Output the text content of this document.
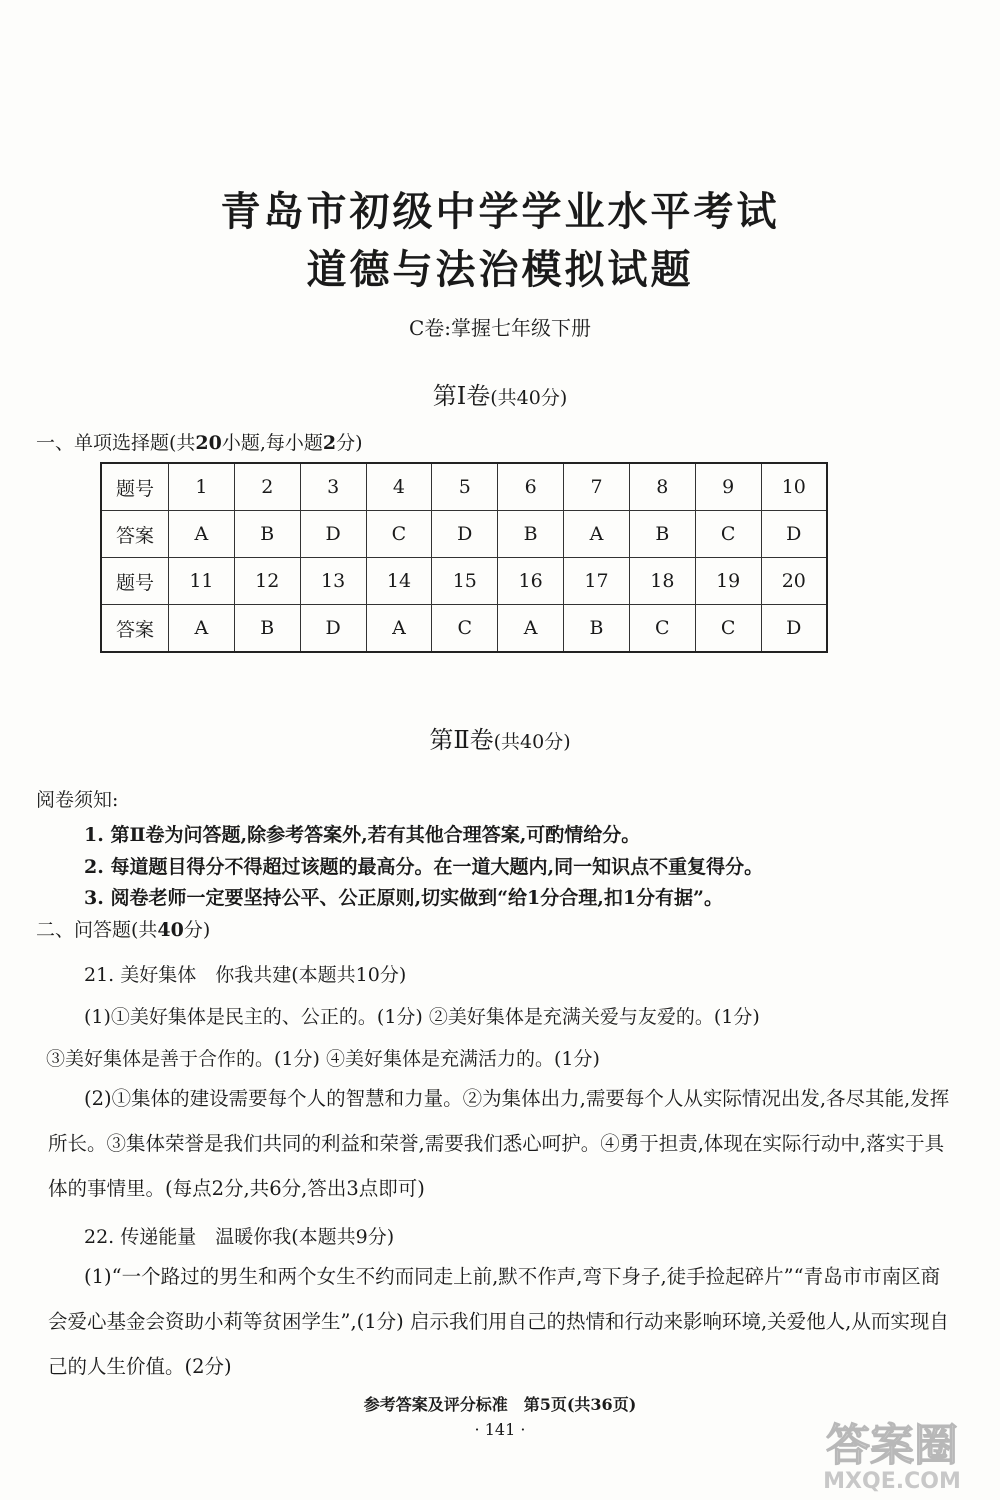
青岛市初级中学学业水平考试
道德与法治模拟试题
C卷:掌握七年级下册
第Ⅰ卷(共40分)
一、单项选择题(共20小题,每小题2分)
题号	1	2	3	4	5	6	7	8	9	10
答案	A	B	D	C	D	B	A	B	C	D
题号	11	12	13	14	15	16	17	18	19	20
答案	A	B	D	A	C	A	B	C	C	D
第Ⅱ卷(共40分)
阅卷须知:
1. 第Ⅱ卷为问答题,除参考答案外,若有其他合理答案,可酌情给分。
2. 每道题目得分不得超过该题的最高分。在一道大题内,同一知识点不重复得分。
3. 阅卷老师一定要坚持公平、公正原则,切实做到“给1分合理,扣1分有据”。
二、问答题(共40分)
21. 美好集体　你我共建(本题共10分)
(1)①美好集体是民主的、公正的。(1分) ②美好集体是充满关爱与友爱的。(1分)
③美好集体是善于合作的。(1分) ④美好集体是充满活力的。(1分)
(2)①集体的建设需要每个人的智慧和力量。②为集体出力,需要每个人从实际情况出发,各尽其能,发挥所长。③集体荣誉是我们共同的利益和荣誉,需要我们悉心呵护。④勇于担责,体现在实际行动中,落实于具体的事情里。(每点2分,共6分,答出3点即可)
22. 传递能量　温暖你我(本题共9分)
(1)“一个路过的男生和两个女生不约而同走上前,默不作声,弯下身子,徒手捡起碎片”“青岛市市南区商会爱心基金会资助小莉等贫困学生”,(1分) 启示我们用自己的热情和行动来影响环境,关爱他人,从而实现自己的人生价值。(2分)
参考答案及评分标准　第5页(共36页)
· 141 ·	答案圈
MXQE.COM
